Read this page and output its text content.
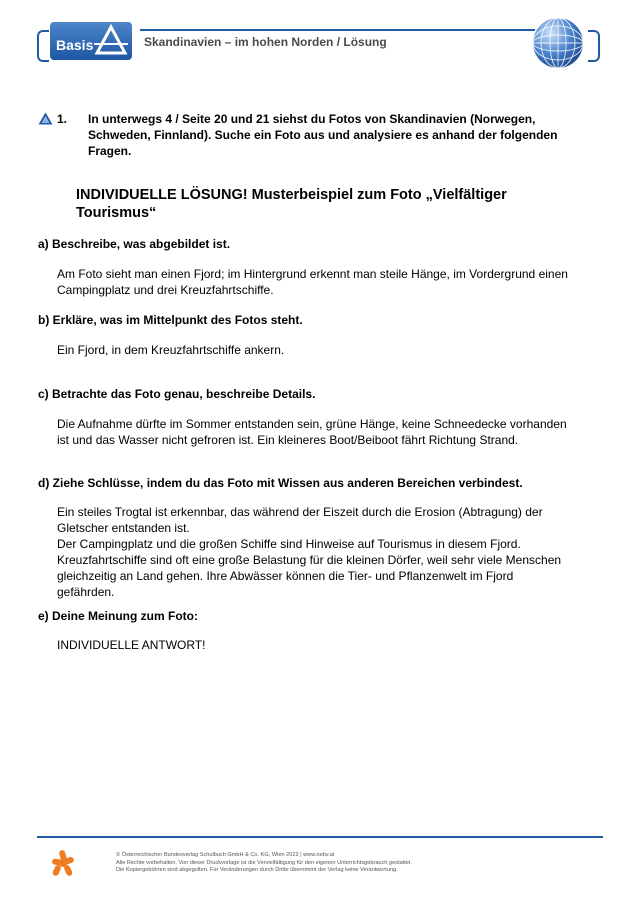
Basis	Skandinavien – im hohen Norden / Lösung
1. In unterwegs 4 / Seite 20 und 21 siehst du Fotos von Skandinavien (Norwegen,
Schweden, Finnland). Suche ein Foto aus und analysiere es anhand der folgenden
Fragen.
INDIVIDUELLE LÖSUNG! Musterbeispiel zum Foto „Vielfältiger
Tourismus“
a) Beschreibe, was abgebildet ist.
Am Foto sieht man einen Fjord; im Hintergrund erkennt man steile Hänge, im Vordergrund einen
Campingplatz und drei Kreuzfahrtschiffe.
b) Erkläre, was im Mittelpunkt des Fotos steht.
Ein Fjord, in dem Kreuzfahrtschiffe ankern.
c) Betrachte das Foto genau, beschreibe Details.
Die Aufnahme dürfte im Sommer entstanden sein, grüne Hänge, keine Schneedecke vorhanden
ist und das Wasser nicht gefroren ist. Ein kleineres Boot/Beiboot fährt Richtung Strand.
d) Ziehe Schlüsse, indem du das Foto mit Wissen aus anderen Bereichen verbindest.
Ein steiles Trogtal ist erkennbar, das während der Eiszeit durch die Erosion (Abtragung) der
Gletscher entstanden ist.
Der Campingplatz und die großen Schiffe sind Hinweise auf Tourismus in diesem Fjord.
Kreuzfahrtschiffe sind oft eine große Belastung für die kleinen Dörfer, weil sehr viele Menschen
gleichzeitig an Land gehen. Ihre Abwässer können die Tier- und Pflanzenwelt im Fjord
gefährden.
e) Deine Meinung zum Foto:
INDIVIDUELLE ANTWORT!
© Österreichischer Bundesverlag Schulbuch GmbH & Co. KG, Wien 2022 | www.oebv.at
Alle Rechte vorbehalten. Von dieser Druckvorlage ist die Vervielfältigung für den eigenen Unterrichtsgebrauch gestattet.
Die Kopiergebühren sind abgegolten. Für Veränderungen durch Dritte übernimmt der Verlag keine Verantwortung.
